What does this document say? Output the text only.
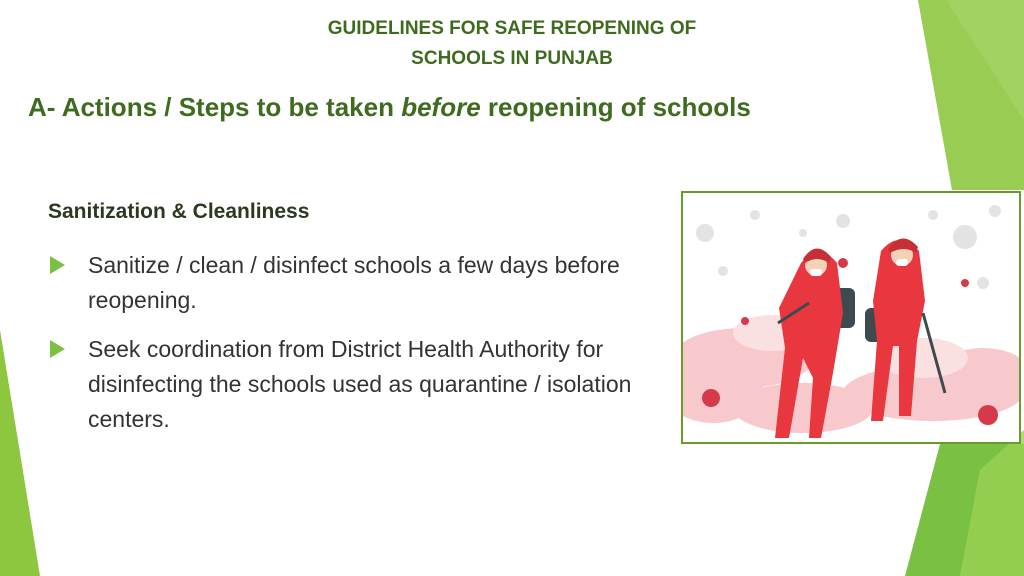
GUIDELINES FOR SAFE REOPENING OF
SCHOOLS IN PUNJAB
A- Actions / Steps to be taken before reopening of schools
Sanitization & Cleanliness
Sanitize / clean / disinfect schools a few days before reopening.
Seek coordination from District Health Authority for disinfecting the schools used as quarantine / isolation centers.
